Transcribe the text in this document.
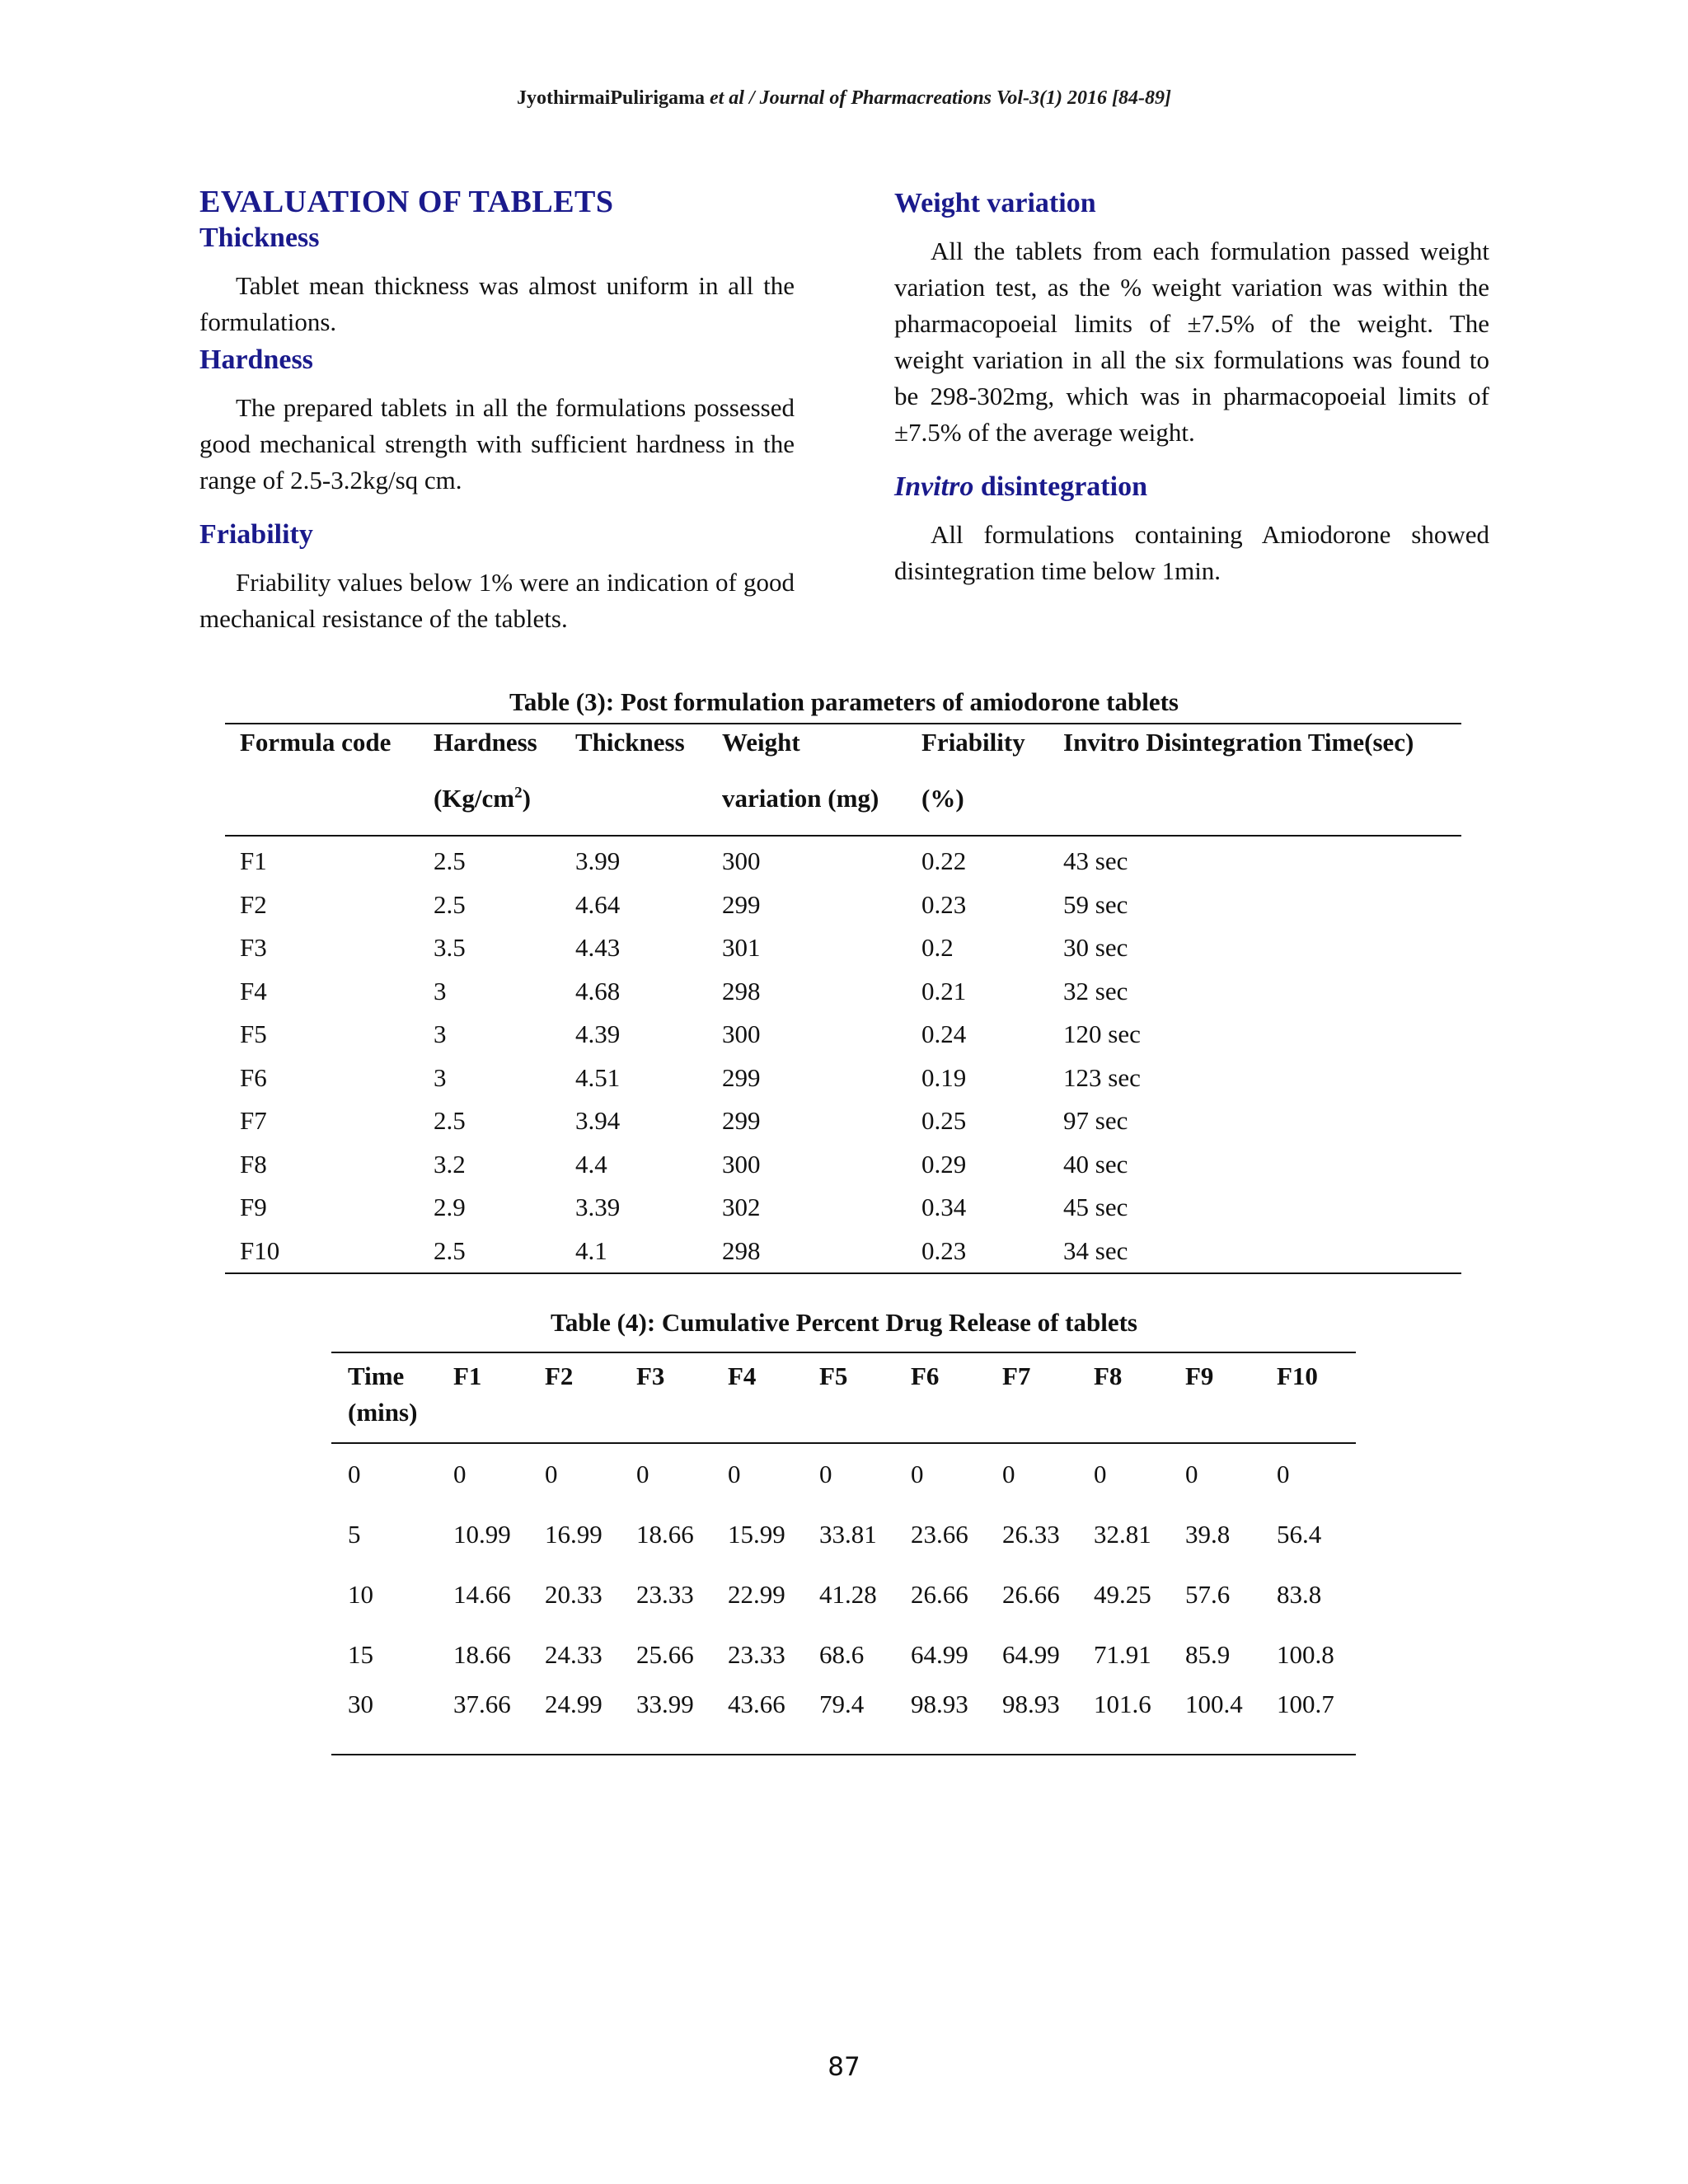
JyothirmaiPulirigama et al / Journal of Pharmacreations Vol-3(1) 2016 [84-89]
EVALUATION OF TABLETS
Thickness

Tablet mean thickness was almost uniform in all the formulations.

Hardness

The prepared tablets in all the formulations possessed good mechanical strength with sufficient hardness in the range of 2.5-3.2kg/sq cm.

Friability

Friability values below 1% were an indication of good mechanical resistance of the tablets.

Weight variation

All the tablets from each formulation passed weight variation test, as the % weight variation was within the pharmacopoeial limits of ±7.5% of the weight. The weight variation in all the six formulations was found to be 298-302mg, which was in pharmacopoeial limits of ±7.5% of the average weight.

Invitro disintegration

All formulations containing Amiodorone showed disintegration time below 1min.

Table (3): Post formulation parameters of amiodorone tablets
Formula code	Hardness	Thickness	Weight	Friability	Invitro Disintegration Time(sec)
	$(Kg/cm^2)$		variation (mg)	(%)	
F1	2.5	3.99	300	0.22	43 sec
F2	2.5	4.64	299	0.23	59 sec
F3	3.5	4.43	301	0.2	30 sec
F4	3	4.68	298	0.21	32 sec
F5	3	4.39	300	0.24	120 sec
F6	3	4.51	299	0.19	123 sec
F7	2.5	3.94	299	0.25	97 sec
F8	3.2	4.4	300	0.29	40 sec
F9	2.9	3.39	302	0.34	45 sec
F10	2.5	4.1	298	0.23	34 sec
Table (4): Cumulative Percent Drug Release of tablets
Time
(mins)	F1	F2	F3	F4	F5	F6	F7	F8	F9	F10
0	0	0	0	0	0	0	0	0	0	0
5	10.99	16.99	18.66	15.99	33.81	23.66	26.33	32.81	39.8	56.4
10	14.66	20.33	23.33	22.99	41.28	26.66	26.66	49.25	57.6	83.8
15	18.66	24.33	25.66	23.33	68.6	64.99	64.99	71.91	85.9	100.8
30	37.66	24.99	33.99	43.66	79.4	98.93	98.93	101.6	100.4	100.7
87
